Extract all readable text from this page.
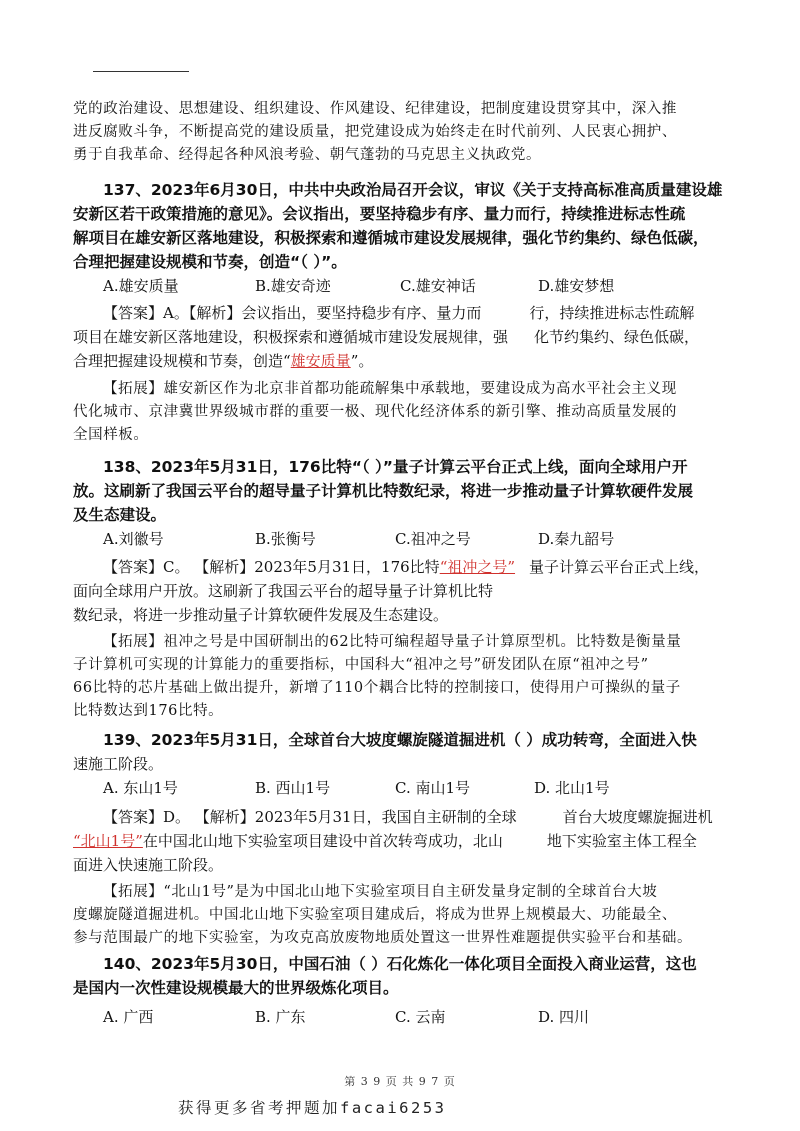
党的政治建设、思想建设、组织建设、作风建设、纪律建设，把制度建设贯穿其中，深入推
进反腐败斗争，不断提高党的建设质量，把党建设成为始终走在时代前列、人民衷心拥护、
勇于自我革命、经得起各种风浪考验、朝气蓬勃的马克思主义执政党。
137、2023年6月30日，中共中央政治局召开会议，审议《关于支持高标准高质量建设雄
安新区若干政策措施的意见》。会议指出，要坚持稳步有序、量力而行，持续推进标志性疏
解项目在雄安新区落地建设，积极探索和遵循城市建设发展规律，强化节约集约、绿色低碳，
合理把握建设规模和节奏，创造“（ ）”。
A.雄安质量	B.雄安奇迹	C.雄安神话	D.雄安梦想
【答案】A。【解析】会议指出，要坚持稳步有序、量力而	行，持续推进标志性疏解
项目在雄安新区落地建设，积极探索和遵循城市建设发展规律，强 化节约集约、绿色低碳，
合理把握建设规模和节奏，创造“雄安质量”。
【拓展】雄安新区作为北京非首都功能疏解集中承载地，要建设成为高水平社会主义现
代化城市、京津冀世界级城市群的重要一极、现代化经济体系的新引擎、推动高质量发展的
全国样板。
138、2023年5月31日，176比特“（ ）”量子计算云平台正式上线，面向全球用户开
放。这刷新了我国云平台的超导量子计算机比特数纪录，将进一步推动量子计算软硬件发展
及生态建设。
A.刘徽号	B.张衡号	C.祖冲之号	D.秦九韶号
【答案】C。 【解析】2023年5月31日，176比特“祖冲之号” 量子计算云平台正式上线，
面向全球用户开放。这刷新了我国云平台的超导量子计算机比特
数纪录，将进一步推动量子计算软硬件发展及生态建设。
【拓展】祖冲之号是中国研制出的62比特可编程超导量子计算原型机。比特数是衡量量
子计算机可实现的计算能力的重要指标，中国科大“祖冲之号”研发团队在原“祖冲之号”
66比特的芯片基础上做出提升，新增了110个耦合比特的控制接口，使得用户可操纵的量子
比特数达到176比特。
139、2023年5月31日，全球首台大坡度螺旋隧道掘进机（ ）成功转弯，全面进入快
速施工阶段。
A. 东山1号	B. 西山1号	C. 南山1号	D. 北山1号
【答案】D。 【解析】2023年5月31日，我国自主研制的全球	首台大坡度螺旋掘进机
“北山1号”在中国北山地下实验室项目建设中首次转弯成功，北山	地下实验室主体工程全
面进入快速施工阶段。
【拓展】“北山1号”是为中国北山地下实验室项目自主研发量身定制的全球首台大坡
度螺旋隧道掘进机。中国北山地下实验室项目建成后，将成为世界上规模最大、功能最全、
参与范围最广的地下实验室，为攻克高放废物地质处置这一世界性难题提供实验平台和基础。
140、2023年5月30日，中国石油（ ）石化炼化一体化项目全面投入商业运营，这也
是国内一次性建设规模最大的世界级炼化项目。
A. 广西	B. 广东	C. 云南	D. 四川
第 3 9 页 共 9 7 页
获得更多省考押题加facai6253
